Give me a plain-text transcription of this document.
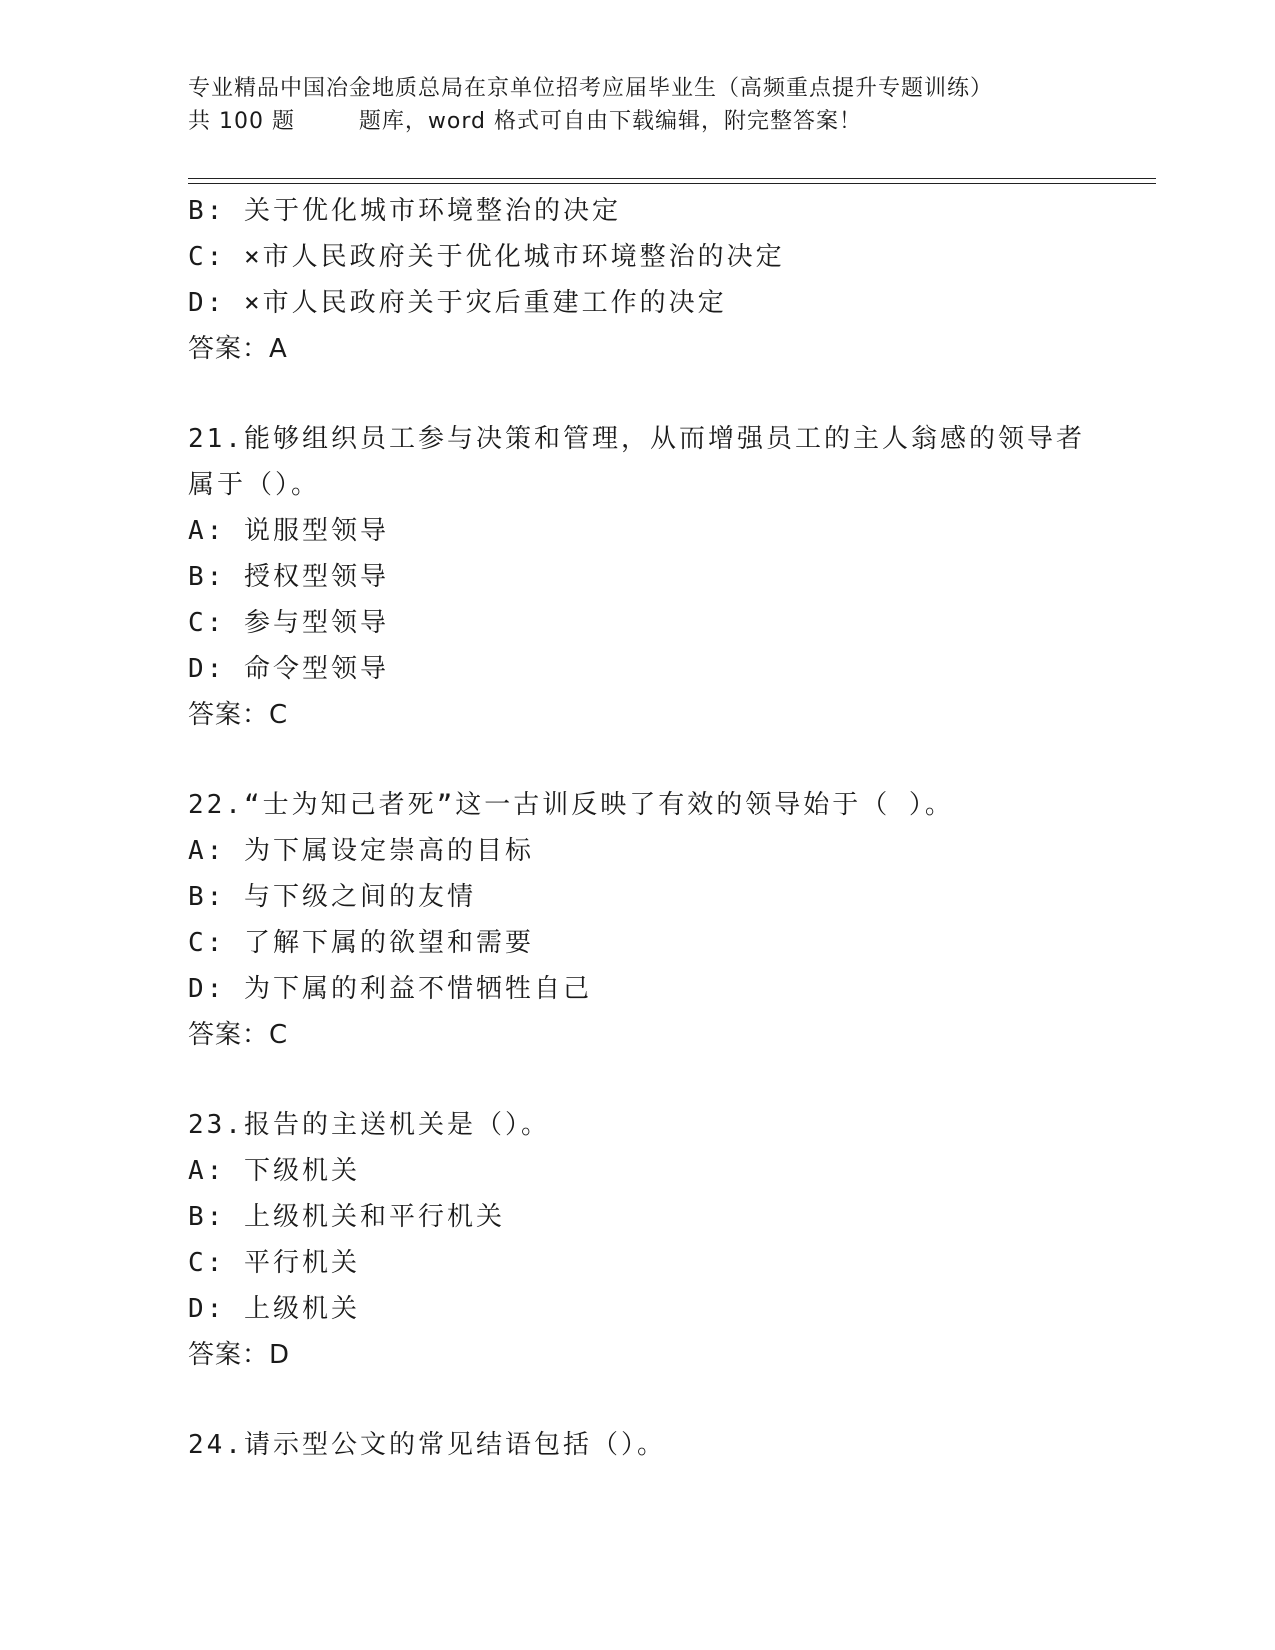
专业精品中国冶金地质总局在京单位招考应届毕业生（高频重点提升专题训练）
共 100 题        题库，word 格式可自由下载编辑，附完整答案！
B: 关于优化城市环境整治的决定
C: ×市人民政府关于优化城市环境整治的决定
D: ×市人民政府关于灾后重建工作的决定
答案：A
21.能够组织员工参与决策和管理，从而增强员工的主人翁感的领导者
属于（）。
A: 说服型领导
B: 授权型领导
C: 参与型领导
D: 命令型领导
答案：C
22.“士为知己者死”这一古训反映了有效的领导始于（ ）。
A: 为下属设定崇高的目标
B: 与下级之间的友情
C: 了解下属的欲望和需要
D: 为下属的利益不惜牺牲自己
答案：C
23.报告的主送机关是（）。
A: 下级机关
B: 上级机关和平行机关
C: 平行机关
D: 上级机关
答案：D
24.请示型公文的常见结语包括（）。
